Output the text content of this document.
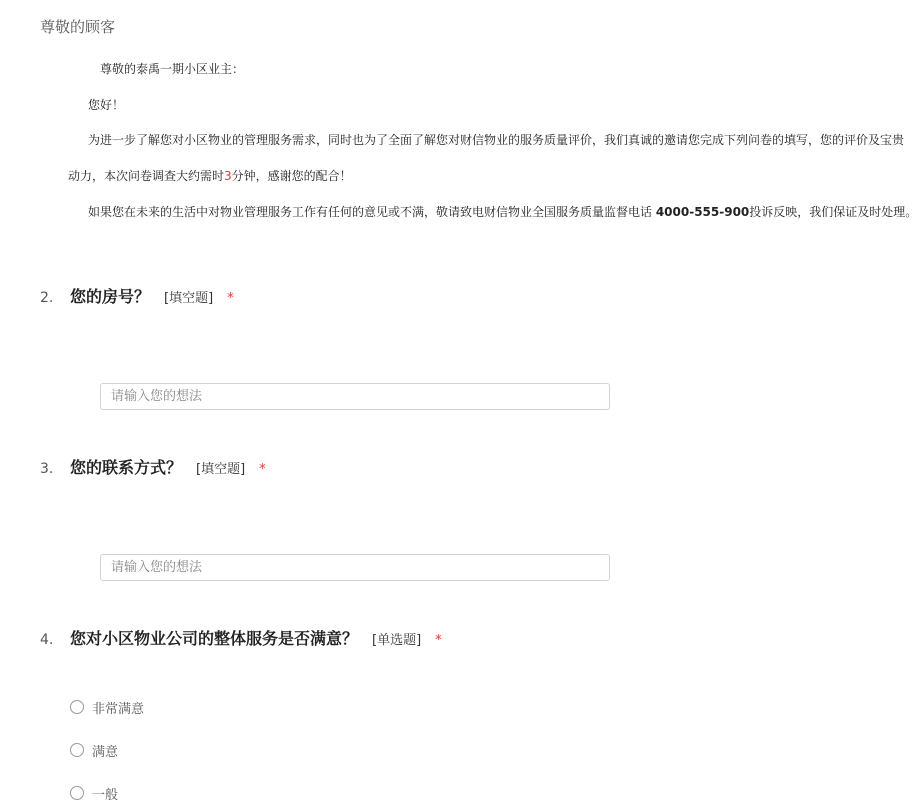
尊敬的顾客
尊敬的泰禹一期小区业主：
您好！
为进一步了解您对小区物业的管理服务需求，同时也为了全面了解您对财信物业的服务质量评价，我们真诚的邀请您完成下列问卷的填写，您的评价及宝贵
动力，本次问卷调查大约需时3分钟，感谢您的配合！
如果您在未来的生活中对物业管理服务工作有任何的意见或不满，敬请致电财信物业全国服务质量监督电话 4000-555-900投诉反映，我们保证及时处理。
2. 您的房号？ [填空题] *
请输入您的想法
3. 您的联系方式？ [填空题] *
请输入您的想法
4. 您对小区物业公司的整体服务是否满意？ [单选题] *
非常满意
满意
一般
